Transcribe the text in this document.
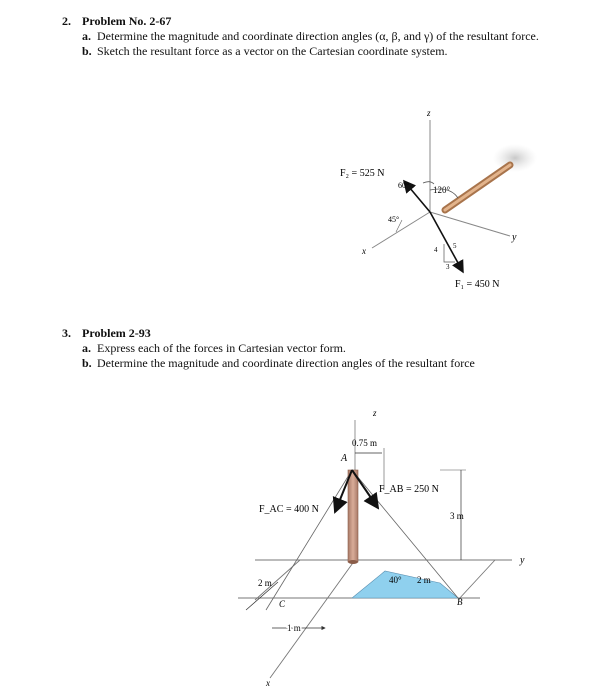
2. Problem No. 2-67
a. Determine the magnitude and coordinate direction angles (α, β, and γ) of the resultant force.
b. Sketch the resultant force as a vector on the Cartesian coordinate system.
z
y
x
F₂ = 525 N
60°	120°
45°
4 5
3
F₁ = 450 N
3. Problem 2-93
a. Express each of the forces in Cartesian vector form.
b. Determine the magnitude and coordinate direction angles of the resultant force
z
y
x
F_AC = 400 N
F_AB = 250 N
0.75 m
A
3 m
2 m
C
1 m
40° 2 m
B
